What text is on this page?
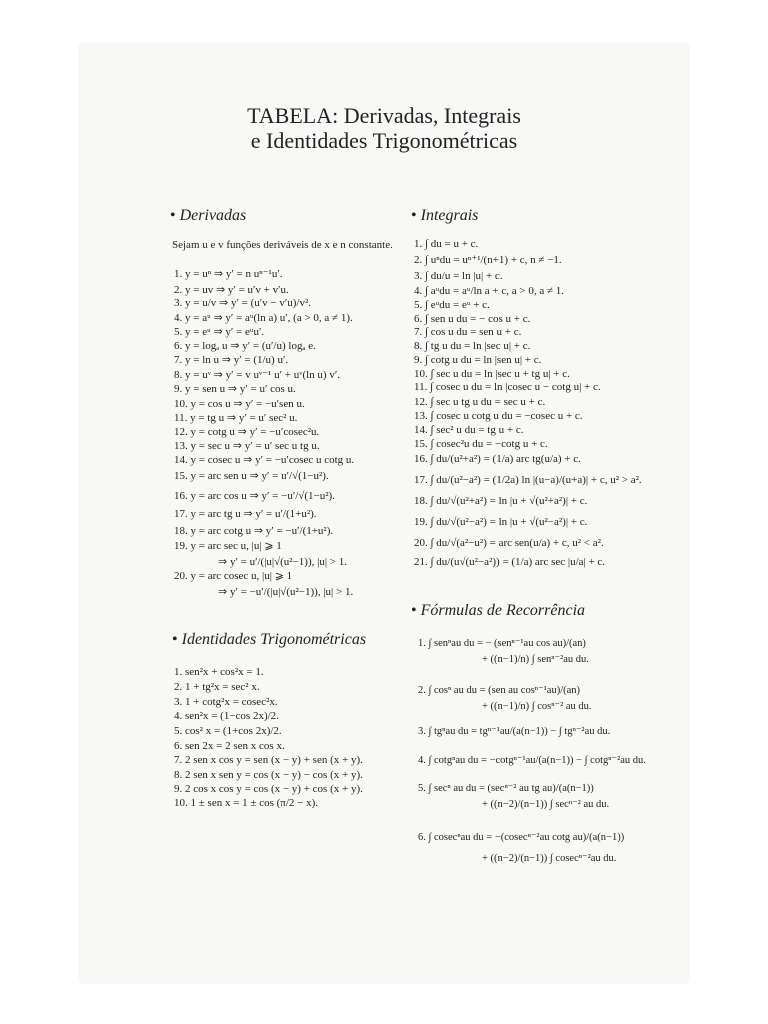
TABELA: Derivadas, Integrais
e Identidades Trigonométricas
• Derivadas	• Integrais
• Identidades Trigonométricas
• Fórmulas de Recorrência
Sejam u e v funções deriváveis de x e n constante.
1. y = uⁿ ⇒ y′ = n uⁿ⁻¹u′.
2. y = uv ⇒ y′ = u′v + v′u.
3. y = u/v ⇒ y′ = (u′v − v′u)/v².
4. y = aᵘ ⇒ y′ = aᵘ(ln a) u′, (a > 0, a ≠ 1).
5. y = eᵘ ⇒ y′ = eᵘu′.
6. y = logₐ u ⇒ y′ = (u′/u) logₐ e.
7. y = ln u ⇒ y′ = (1/u) u′.
8. y = uᵛ ⇒ y′ = v uᵛ⁻¹ u′ + uᵛ(ln u) v′.
9. y = sen u ⇒ y′ = u′ cos u.
10. y = cos u ⇒ y′ = −u′sen u.
11. y = tg u ⇒ y′ = u′ sec² u.
12. y = cotg u ⇒ y′ = −u′cosec²u.
13. y = sec u ⇒ y′ = u′ sec u tg u.
14. y = cosec u ⇒ y′ = −u′cosec u cotg u.
15. y = arc sen u ⇒ y′ = u′/√(1−u²).
16. y = arc cos u ⇒ y′ = −u′/√(1−u²).
17. y = arc tg u ⇒ y′ = u′/(1+u²).
18. y = arc cotg u ⇒ y′ = −u′/(1+u²).
19. y = arc sec u, |u| ⩾ 1
⇒ y′ = u′/(|u|√(u²−1)), |u| > 1.
20. y = arc cosec u, |u| ⩾ 1
⇒ y′ = −u′/(|u|√(u²−1)), |u| > 1.
1. ∫ du = u + c.
2. ∫ uⁿdu = uⁿ⁺¹/(n+1) + c, n ≠ −1.
3. ∫ du/u = ln |u| + c.
4. ∫ aᵘdu = aᵘ/ln a + c, a > 0, a ≠ 1.
5. ∫ eᵘdu = eᵘ + c.
6. ∫ sen u du = − cos u + c.
7. ∫ cos u du = sen u + c.
8. ∫ tg u du = ln |sec u| + c.
9. ∫ cotg u du = ln |sen u| + c.
10. ∫ sec u du = ln |sec u + tg u| + c.
11. ∫ cosec u du = ln |cosec u − cotg u| + c.
12. ∫ sec u tg u du = sec u + c.
13. ∫ cosec u cotg u du = −cosec u + c.
14. ∫ sec² u du = tg u + c.
15. ∫ cosec²u du = −cotg u + c.
16. ∫ du/(u²+a²) = (1/a) arc tg(u/a) + c.
17. ∫ du/(u²−a²) = (1/2a) ln |(u−a)/(u+a)| + c, u² > a².
18. ∫ du/√(u²+a²) = ln |u + √(u²+a²)| + c.
19. ∫ du/√(u²−a²) = ln |u + √(u²−a²)| + c.
20. ∫ du/√(a²−u²) = arc sen(u/a) + c, u² < a².
21. ∫ du/(u√(u²−a²)) = (1/a) arc sec |u/a| + c.
1. sen²x + cos²x = 1.
2. 1 + tg²x = sec² x.
3. 1 + cotg²x = cosec²x.
4. sen²x = (1−cos 2x)/2.
5. cos² x = (1+cos 2x)/2.
6. sen 2x = 2 sen x cos x.
7. 2 sen x cos y = sen (x − y) + sen (x + y).
8. 2 sen x sen y = cos (x − y) − cos (x + y).
9. 2 cos x cos y = cos (x − y) + cos (x + y).
10. 1 ± sen x = 1 ± cos (π/2 − x).
1. ∫ senⁿau du = − (senⁿ⁻¹au cos au)/(an)
+ ((n−1)/n) ∫ senⁿ⁻²au du.
2. ∫ cosⁿ au du = (sen au cosⁿ⁻¹au)/(an)
+ ((n−1)/n) ∫ cosⁿ⁻² au du.
3. ∫ tgⁿau du = tgⁿ⁻¹au/(a(n−1)) − ∫ tgⁿ⁻²au du.
4. ∫ cotgⁿau du = −cotgⁿ⁻¹au/(a(n−1)) − ∫ cotgⁿ⁻²au du.
5. ∫ secⁿ au du = (secⁿ⁻² au tg au)/(a(n−1))
+ ((n−2)/(n−1)) ∫ secⁿ⁻² au du.
6. ∫ cosecⁿau du = −(cosecⁿ⁻²au cotg au)/(a(n−1))
+ ((n−2)/(n−1)) ∫ cosecⁿ⁻²au du.
